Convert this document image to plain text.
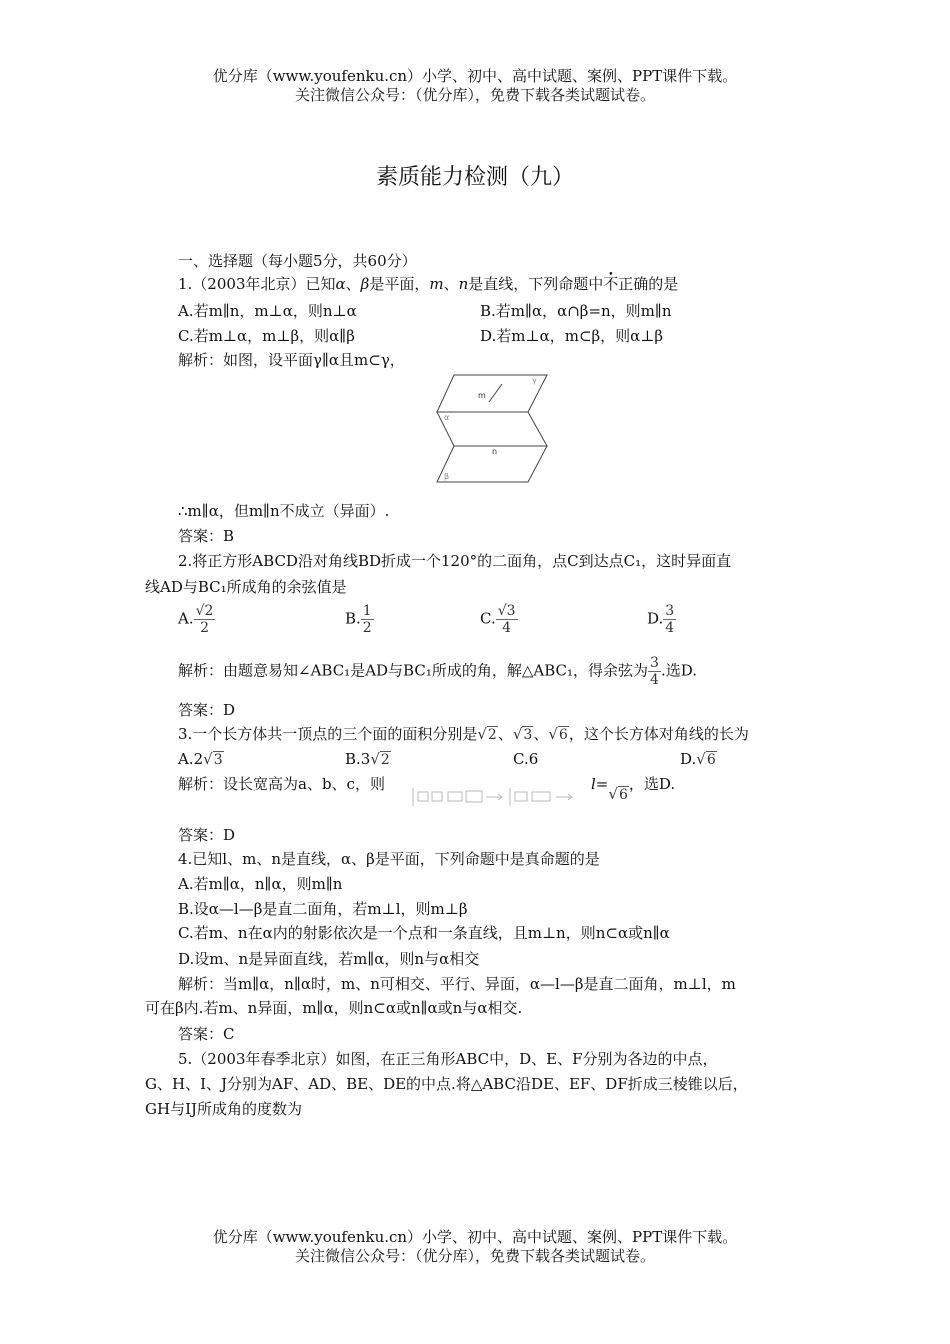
优分库（www.youfenku.cn）小学、初中、高中试题、案例、PPT课件下载。
关注微信公众号：（优分库），免费下载各类试题试卷。
素质能力检测（九）
一、选择题（每小题5分，共60分）
1.（2003年北京）已知α、β是平面，m、n是直线，下列命题中不正确的是
A.若m∥n，m⊥α，则n⊥α	B.若m∥α，α∩β=n，则m∥n
C.若m⊥α，m⊥β，则α∥β	D.若m⊥α，m⊂β，则α⊥β
解析：如图，设平面γ∥α且m⊂γ，
m
γ
α
n
β
∴m∥α，但m∥n不成立（异面）.
答案：B
2.将正方形ABCD沿对角线BD折成一个120°的二面角，点C到达点C₁，这时异面直
线AD与BC₁所成角的余弦值是
A. $\frac{√2}{2}$	B. $\frac{1}{2}$	C. $\frac{√3}{4}$	D. $\frac{3}{4}$
解析：由题意易知∠ABC₁是AD与BC₁所成的角，解△ABC₁，得余弦为 $\frac{3}{4}$ .选D.
答案：D
3.一个长方体共一顶点的三个面的面积分别是√2、√3、√6，这个长方体对角线的长为
A.2√3	B.3√2	C.6	D.√6
解析：设长宽高为a、b、c，则	l=√6，选D.
答案：D
4.已知l、m、n是直线，α、β是平面，下列命题中是真命题的是
A.若m∥α，n∥α，则m∥n
B.设α—l—β是直二面角，若m⊥l，则m⊥β
C.若m、n在α内的射影依次是一个点和一条直线，且m⊥n，则n⊂α或n∥α
D.设m、n是异面直线，若m∥α，则n与α相交
解析：当m∥α，n∥α时，m、n可相交、平行、异面，α—l—β是直二面角，m⊥l，m
可在β内.若m、n异面，m∥α，则n⊂α或n∥α或n与α相交.
答案：C
5.（2003年春季北京）如图，在正三角形ABC中，D、E、F分别为各边的中点，
G、H、I、J分别为AF、AD、BE、DE的中点.将△ABC沿DE、EF、DF折成三棱锥以后，
GH与IJ所成角的度数为
优分库（www.youfenku.cn）小学、初中、高中试题、案例、PPT课件下载。
关注微信公众号：（优分库），免费下载各类试题试卷。
